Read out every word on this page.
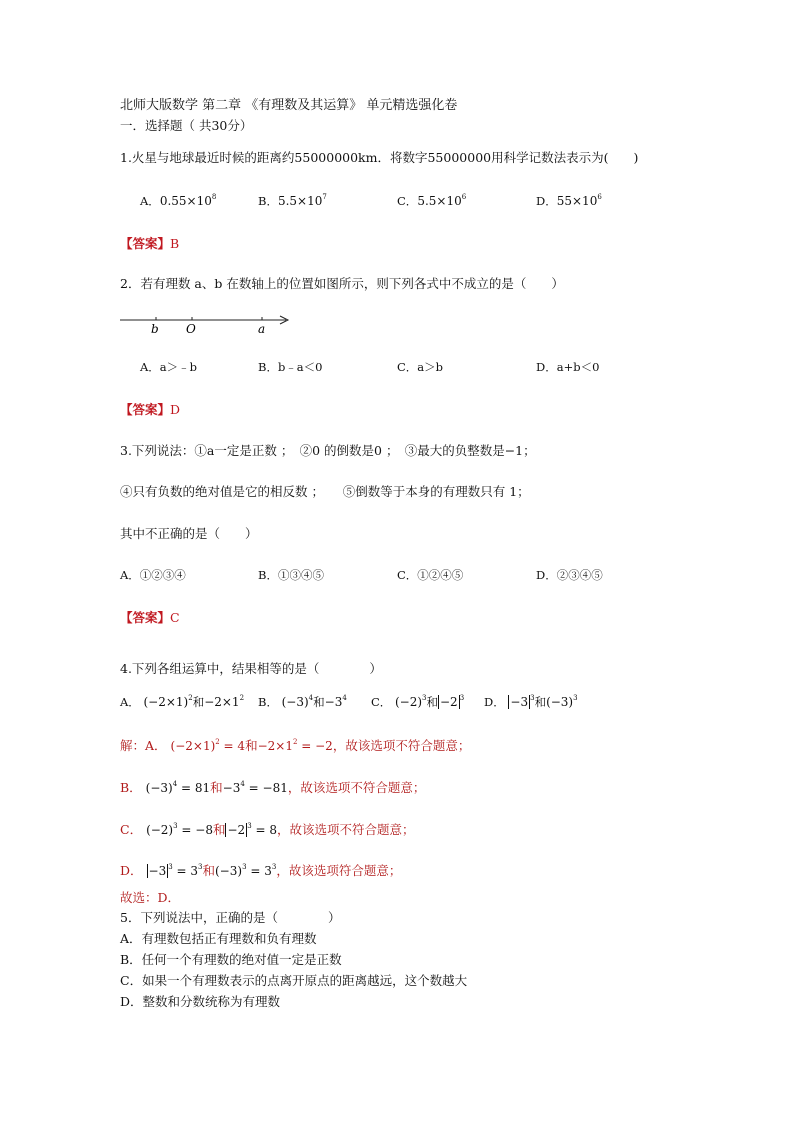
北师大版数学 第二章 《有理数及其运算》 单元精选强化卷
一．选择题（ 共30分）
1.火星与地球最近时候的距离约55000000km．将数字55000000用科学记数法表示为(　　)
A．$0.55\times 10^8$	B．$5.5\times 10^7$	C．$5.5\times 10^6$	D．$55\times 10^6$
【答案】B
2．若有理数 a、b 在数轴上的位置如图所示，则下列各式中不成立的是（　　）
b O	a
A．a＞﹣b	B．b﹣a＜0	C．a＞b	D．a+b＜0
【答案】D
3.下列说法：①a一定是正数 ；　②0 的倒数是0 ；　③最大的负整数是−1；
④只有负数的绝对值是它的相反数 ；　　⑤倒数等于本身的有理数只有 1；
其中不正确的是（　　）
A．①②③④	B．①③④⑤	C．①②④⑤	D．②③④⑤
【答案】C
4.下列各组运算中，结果相等的是（　　　　）
A． $(-2\times 1)^2$和$-2\times 1^2$ B． $(-3)^4$和$-3^4$ C． $(-2)^3$和 −2 $^3$ D． −3 $^3$和$(-3)^3$
解：A． $(-2\times 1)^2 = 4$和$-2\times 1^2 = -2$，故该选项不符合题意；
B． $(-3)^4 = 81$和$-3^4 = -81$，故该选项不符合题意；
C． $(-2)^3 = -8$和 −2 $^3$ = 8，故该选项不符合题意；
D． −3 $^3 = 3^3$和$(-3)^3 = 3^3$，故该选项符合题意；
故选：D．
5．下列说法中，正确的是（　　　　）
A．有理数包括正有理数和负有理数
B．任何一个有理数的绝对值一定是正数
C．如果一个有理数表示的点离开原点的距离越远，这个数越大
D．整数和分数统称为有理数
